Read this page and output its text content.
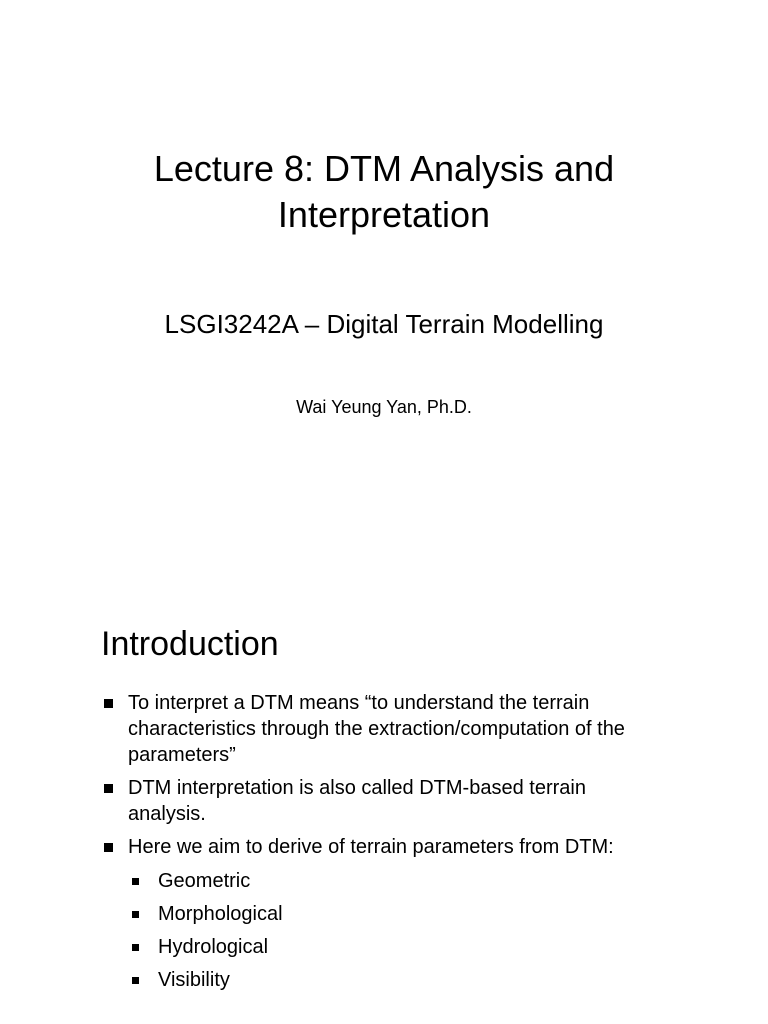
Lecture 8: DTM Analysis and
Interpretation
LSGI3242A – Digital Terrain Modelling

Wai Yeung Yan, Ph.D.

Introduction
To interpret a DTM means “to understand the terrain
characteristics through the extraction/computation of the
parameters”
DTM interpretation is also called DTM-based terrain
analysis.
Here we aim to derive of terrain parameters from DTM:
Geometric
Morphological
Hydrological
Visibility
